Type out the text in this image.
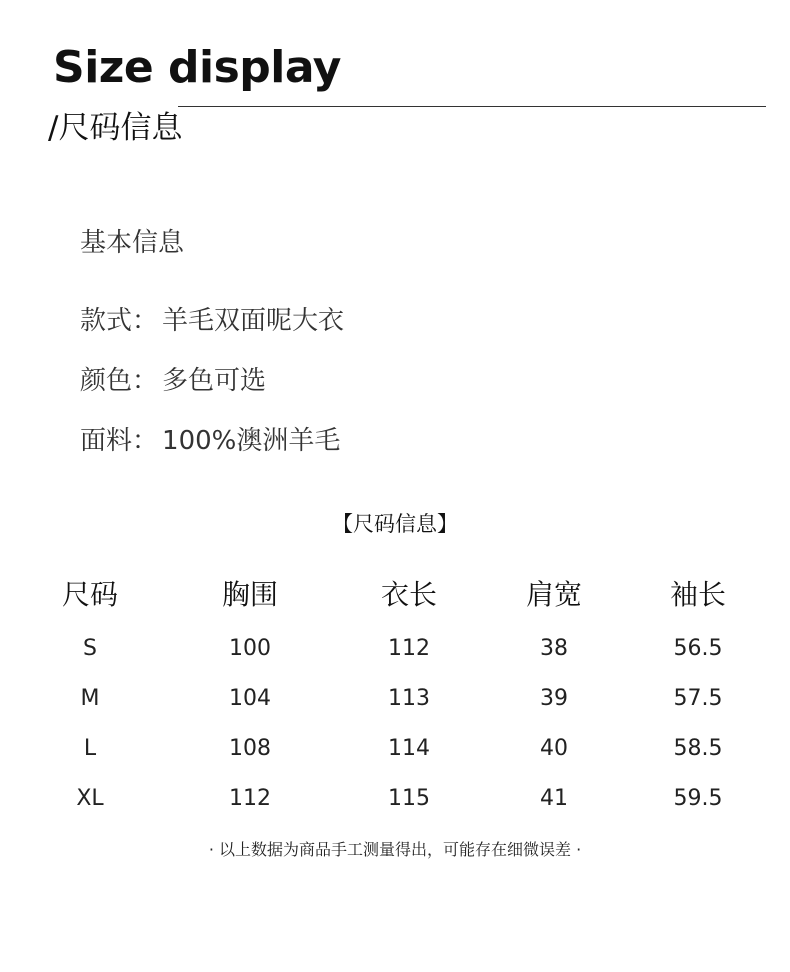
Size display
/尺码信息
基本信息
款式： 羊毛双面呢大衣
颜色： 多色可选
面料： 100%澳洲羊毛
【尺码信息】
尺码	胸围	衣长	肩宽	袖长
S	100	112	38	56.5
M	104	113	39	57.5
L	108	114	40	58.5
XL	112	115	41	59.5
· 以上数据为商品手工测量得出，可能存在细微误差 ·
